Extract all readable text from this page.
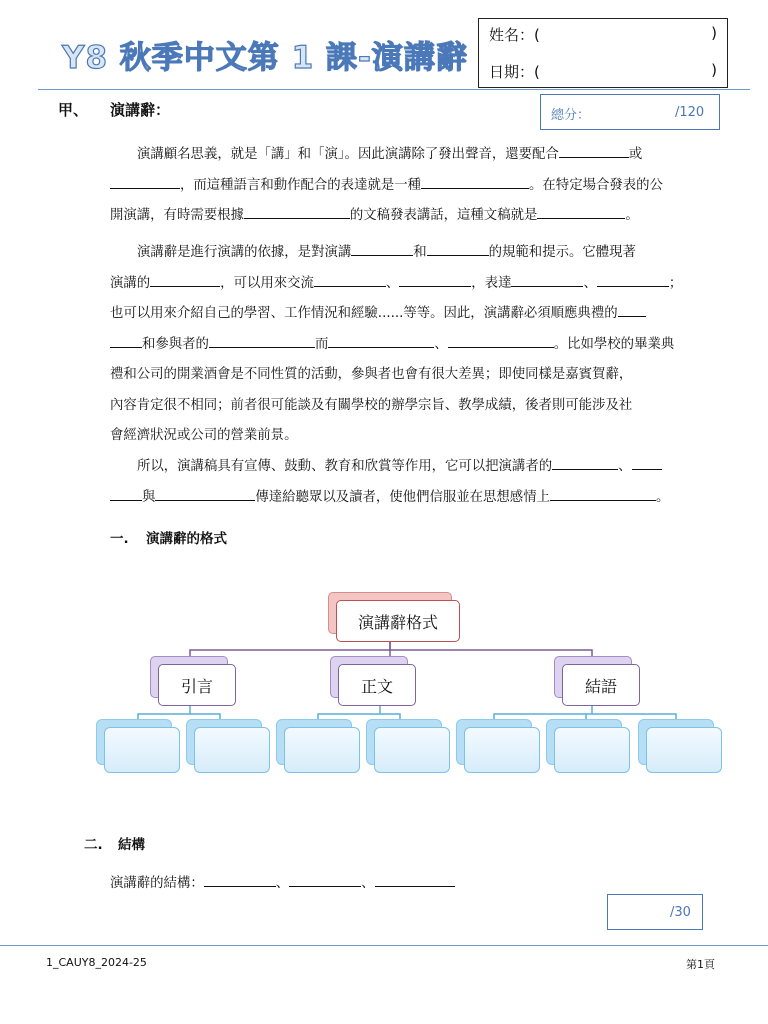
Y8 秋季中文第 1 課-演講辭
姓名：(	)
日期：(	)
甲、 演講辭：	總分：	/120
演講顧名思義，就是「講」和「演」。因此演講除了發出聲音，還要配合	或
，而這種語言和動作配合的表達就是一種	。在特定場合發表的公
開演講，有時需要根據	的文稿發表講話，這種文稿就是	。
演講辭是進行演講的依據，是對演講	和	的規範和提示。它體現著
演講的	，可以用來交流	、	，表達	、	；
也可以用來介紹自己的學習、工作情況和經驗......等等。因此，演講辭必須順應典禮的
和參與者的	而	、	。比如學校的畢業典
禮和公司的開業酒會是不同性質的活動，參與者也會有很大差異；即使同樣是嘉賓賀辭，
內容肯定很不相同；前者很可能談及有關學校的辦學宗旨、教學成績，後者則可能涉及社
會經濟狀況或公司的營業前景。
所以，演講稿具有宣傳、鼓動、教育和欣賞等作用，它可以把演講者的	、
與	傳達給聽眾以及讀者，使他們信服並在思想感情上	。
一. 演講辭的格式
演講辭格式
引言	正文	結語
二. 結構
演講辭的結構：	、	、
/30
1_CAUY8_2024-25	第1頁
